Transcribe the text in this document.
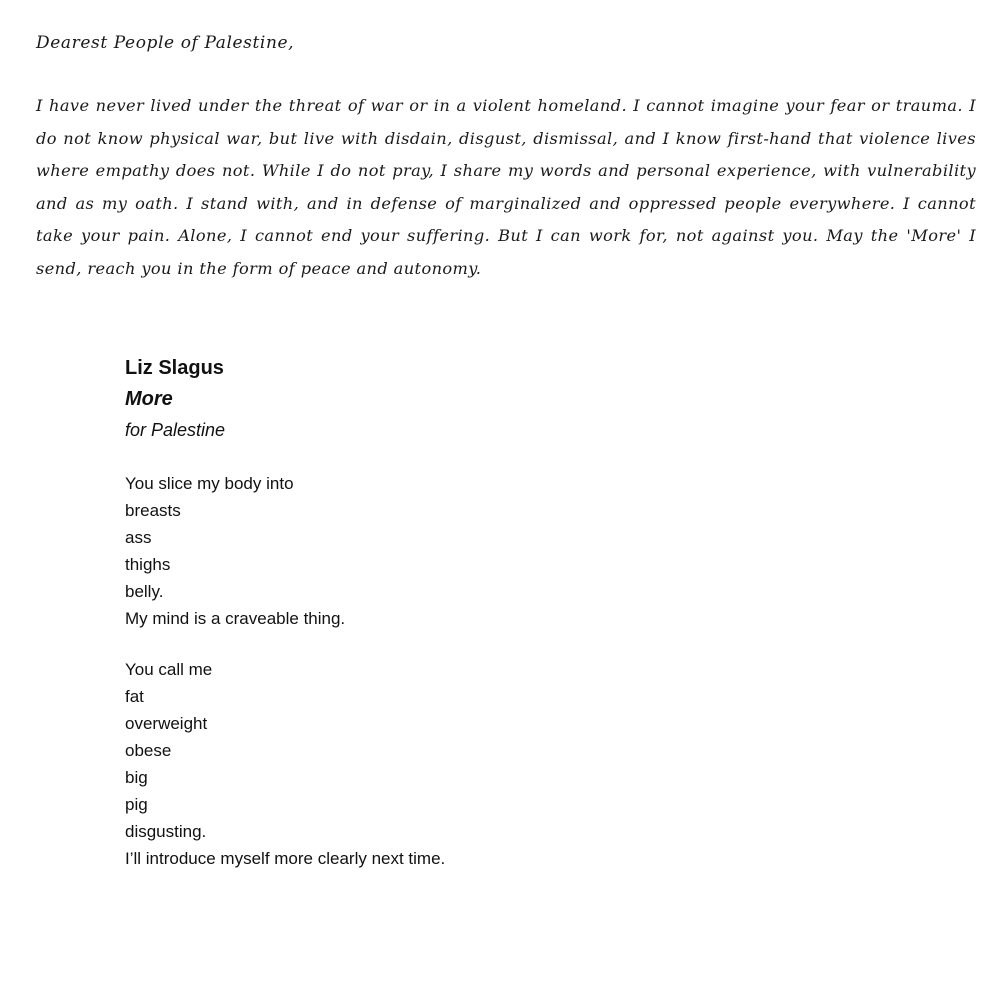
Dearest People of Palestine,

I have never lived under the threat of war or in a violent homeland. I cannot imagine your fear or trauma. I do not know physical war, but live with disdain, disgust, dismissal, and I know first-hand that violence lives where empathy does not. While I do not pray, I share my words and personal experience, with vulnerability and as my oath. I stand with, and in defense of marginalized and oppressed people everywhere. I cannot take your pain. Alone, I cannot end your suffering. But I can work for, not against you. May the 'More' I send, reach you in the form of peace and autonomy.

Liz Slagus

More

for Palestine

You slice my body into
breasts
ass
thighs
belly.
My mind is a craveable thing.
You call me
fat
overweight
obese
big
pig
disgusting.
I’ll introduce myself more clearly next time.
